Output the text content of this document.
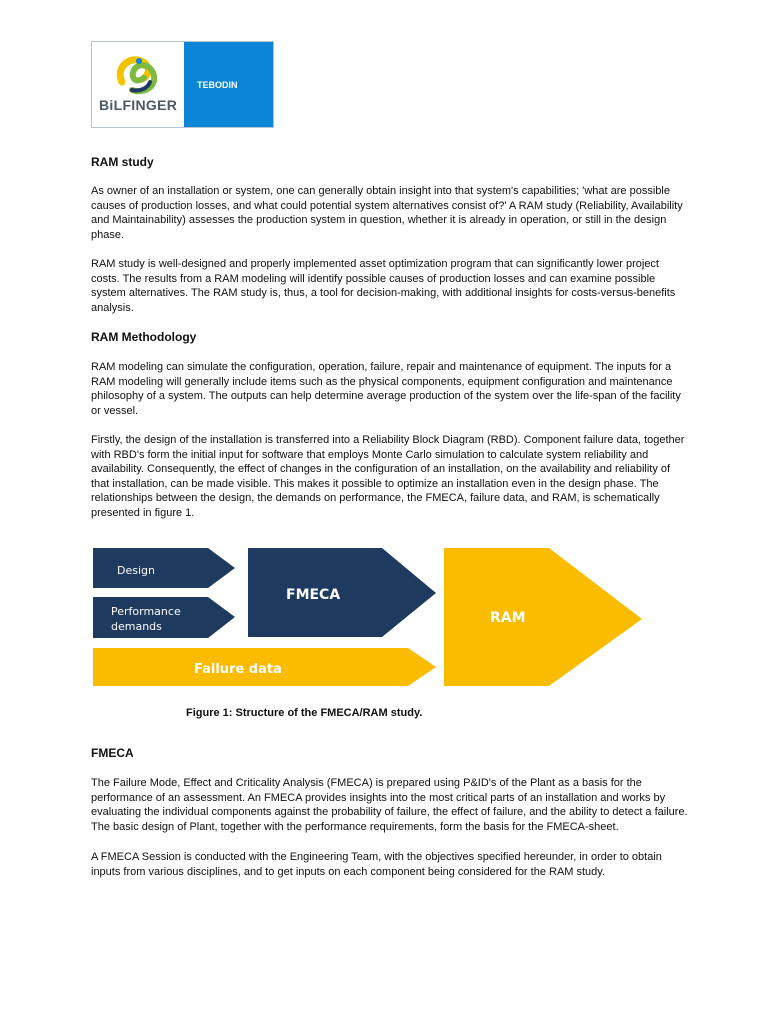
BiLFINGER
TEBODIN
RAM study
As owner of an installation or system, one can generally obtain insight into that system's capabilities; 'what are possible
causes of production losses, and what could potential system alternatives consist of?' A RAM study (Reliability, Availability
and Maintainability) assesses the production system in question, whether it is already in operation, or still in the design
phase.
RAM study is well-designed and properly implemented asset optimization program that can significantly lower project
costs. The results from a RAM modeling will identify possible causes of production losses and can examine possible
system alternatives. The RAM study is, thus, a tool for decision-making, with additional insights for costs-versus-benefits
analysis.
RAM Methodology
RAM modeling can simulate the configuration, operation, failure, repair and maintenance of equipment. The inputs for a
RAM modeling will generally include items such as the physical components, equipment configuration and maintenance
philosophy of a system. The outputs can help determine average production of the system over the life-span of the facility
or vessel.
Firstly, the design of the installation is transferred into a Reliability Block Diagram (RBD). Component failure data, together
with RBD's form the initial input for software that employs Monte Carlo simulation to calculate system reliability and
availability. Consequently, the effect of changes in the configuration of an installation, on the availability and reliability of
that installation, can be made visible. This makes it possible to optimize an installation even in the design phase. The
relationships between the design, the demands on performance, the FMECA, failure data, and RAM, is schematically
presented in figure 1.
Design
Performance
demands
FMECA
Failure data
RAM
Figure 1: Structure of the FMECA/RAM study.
FMECA
The Failure Mode, Effect and Criticality Analysis (FMECA) is prepared using P&ID's of the Plant as a basis for the
performance of an assessment. An FMECA provides insights into the most critical parts of an installation and works by
evaluating the individual components against the probability of failure, the effect of failure, and the ability to detect a failure.
The basic design of Plant, together with the performance requirements, form the basis for the FMECA-sheet.
A FMECA Session is conducted with the Engineering Team, with the objectives specified hereunder, in order to obtain
inputs from various disciplines, and to get inputs on each component being considered for the RAM study.
